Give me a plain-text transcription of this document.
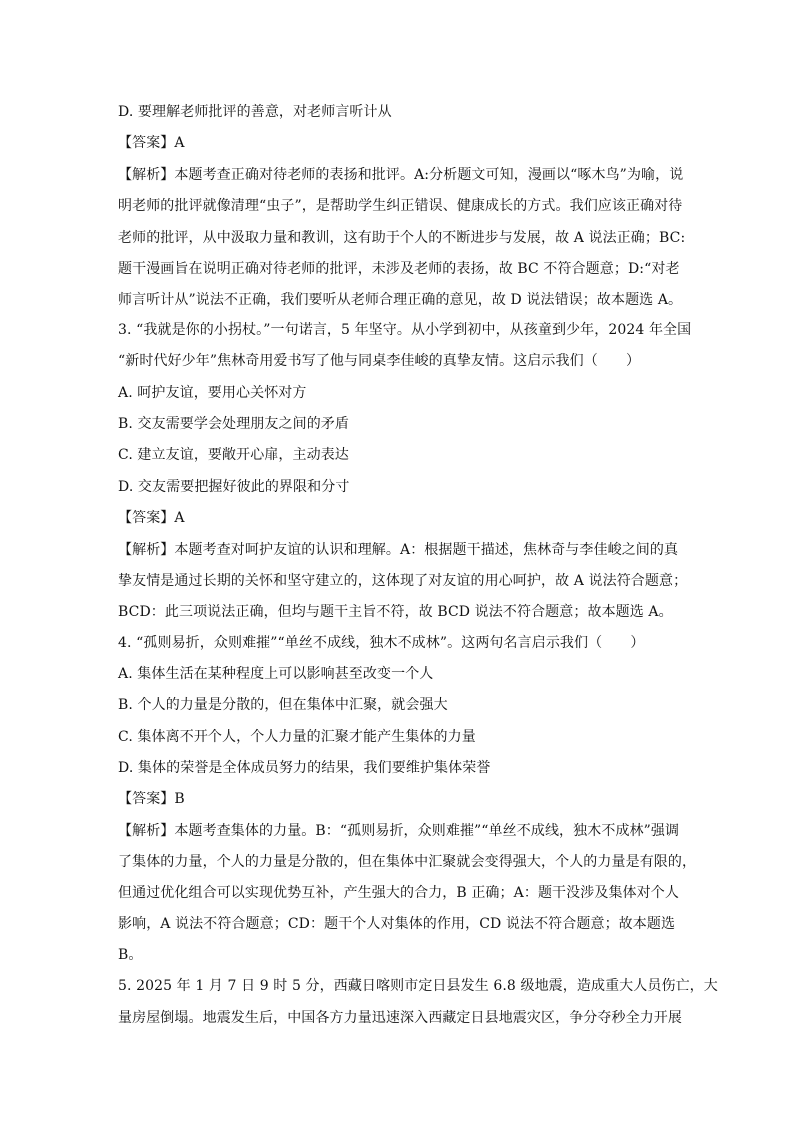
D. 要理解老师批评的善意，对老师言听计从
【答案】A
【解析】本题考查正确对待老师的表扬和批评。A:分析题文可知，漫画以“啄木鸟”为喻，说
明老师的批评就像清理“虫子”，是帮助学生纠正错误、健康成长的方式。我们应该正确对待
老师的批评，从中汲取力量和教训，这有助于个人的不断进步与发展，故 A 说法正确；BC:
题干漫画旨在说明正确对待老师的批评，未涉及老师的表扬，故 BC 不符合题意；D:“对老
师言听计从”说法不正确，我们要听从老师合理正确的意见，故 D 说法错误；故本题选 A。
3. “我就是你的小拐杖。”一句诺言，5 年坚守。从小学到初中，从孩童到少年，2024 年全国
“新时代好少年”焦林奇用爱书写了他与同桌李佳峻的真挚友情。这启示我们（　　）
A. 呵护友谊，要用心关怀对方
B. 交友需要学会处理朋友之间的矛盾
C. 建立友谊，要敞开心扉，主动表达
D. 交友需要把握好彼此的界限和分寸
【答案】A
【解析】本题考查对呵护友谊的认识和理解。A：根据题干描述，焦林奇与李佳峻之间的真
挚友情是通过长期的关怀和坚守建立的，这体现了对友谊的用心呵护，故 A 说法符合题意；
BCD：此三项说法正确，但均与题干主旨不符，故 BCD 说法不符合题意；故本题选 A。
4. “孤则易折，众则难摧”“单丝不成线，独木不成林”。这两句名言启示我们（　　）
A. 集体生活在某种程度上可以影响甚至改变一个人
B. 个人的力量是分散的，但在集体中汇聚，就会强大
C. 集体离不开个人，个人力量的汇聚才能产生集体的力量
D. 集体的荣誉是全体成员努力的结果，我们要维护集体荣誉
【答案】B
【解析】本题考查集体的力量。B：“孤则易折，众则难摧”“单丝不成线，独木不成林”强调
了集体的力量，个人的力量是分散的，但在集体中汇聚就会变得强大，个人的力量是有限的，
但通过优化组合可以实现优势互补，产生强大的合力，B 正确；A：题干没涉及集体对个人
影响，A 说法不符合题意；CD：题干个人对集体的作用，CD 说法不符合题意；故本题选
B。
5. 2025 年 1 月 7 日 9 时 5 分，西藏日喀则市定日县发生 6.8 级地震，造成重大人员伤亡，大
量房屋倒塌。地震发生后，中国各方力量迅速深入西藏定日县地震灾区，争分夺秒全力开展
